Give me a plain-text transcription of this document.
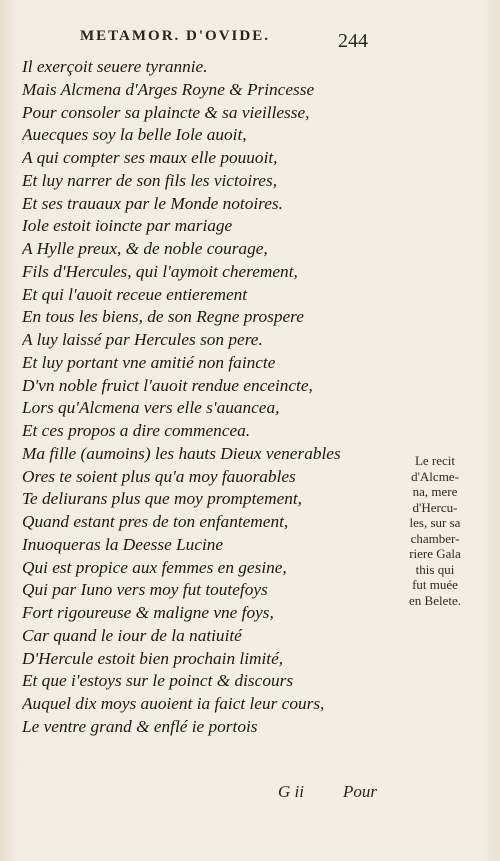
METAMOR. D'OVIDE.	244
Il exerçoit seuere tyrannie.
Mais Alcmena d'Arges Royne & Princesse
Pour consoler sa plaincte & sa vieillesse,
Auecques soy la belle Iole auoit,
A qui compter ses maux elle pouuoit,
Et luy narrer de son fils les victoires,
Et ses trauaux par le Monde notoires.
Iole estoit ioincte par mariage
A Hylle preux, & de noble courage,
Fils d'Hercules, qui l'aymoit cherement,
Et qui l'auoit receue entierement
En tous les biens, de son Regne prospere
A luy laissé par Hercules son pere.
Et luy portant vne amitié non faincte
D'vn noble fruict l'auoit rendue enceincte,
Lors qu'Alcmena vers elle s'auancea,
Et ces propos a dire commencea.
Ma fille (aumoins) les hauts Dieux venerables
Ores te soient plus qu'a moy fauorables
Te deliurans plus que moy promptement,
Quand estant pres de ton enfantement,
Inuoqueras la Deesse Lucine
Qui est propice aux femmes en gesine,
Qui par Iuno vers moy fut toutefoys
Fort rigoureuse & maligne vne foys,
Car quand le iour de la natiuité
D'Hercule estoit bien prochain limité,
Et que i'estoys sur le poinct & discours
Auquel dix moys auoient ia faict leur cours,
Le ventre grand & enflé ie portois
Le recit
d'Alcme-
na, mere
d'Hercu-
les, sur sa
chamber-
riere Gala
this qui
fut muée
en Belete.
G ii Pour
